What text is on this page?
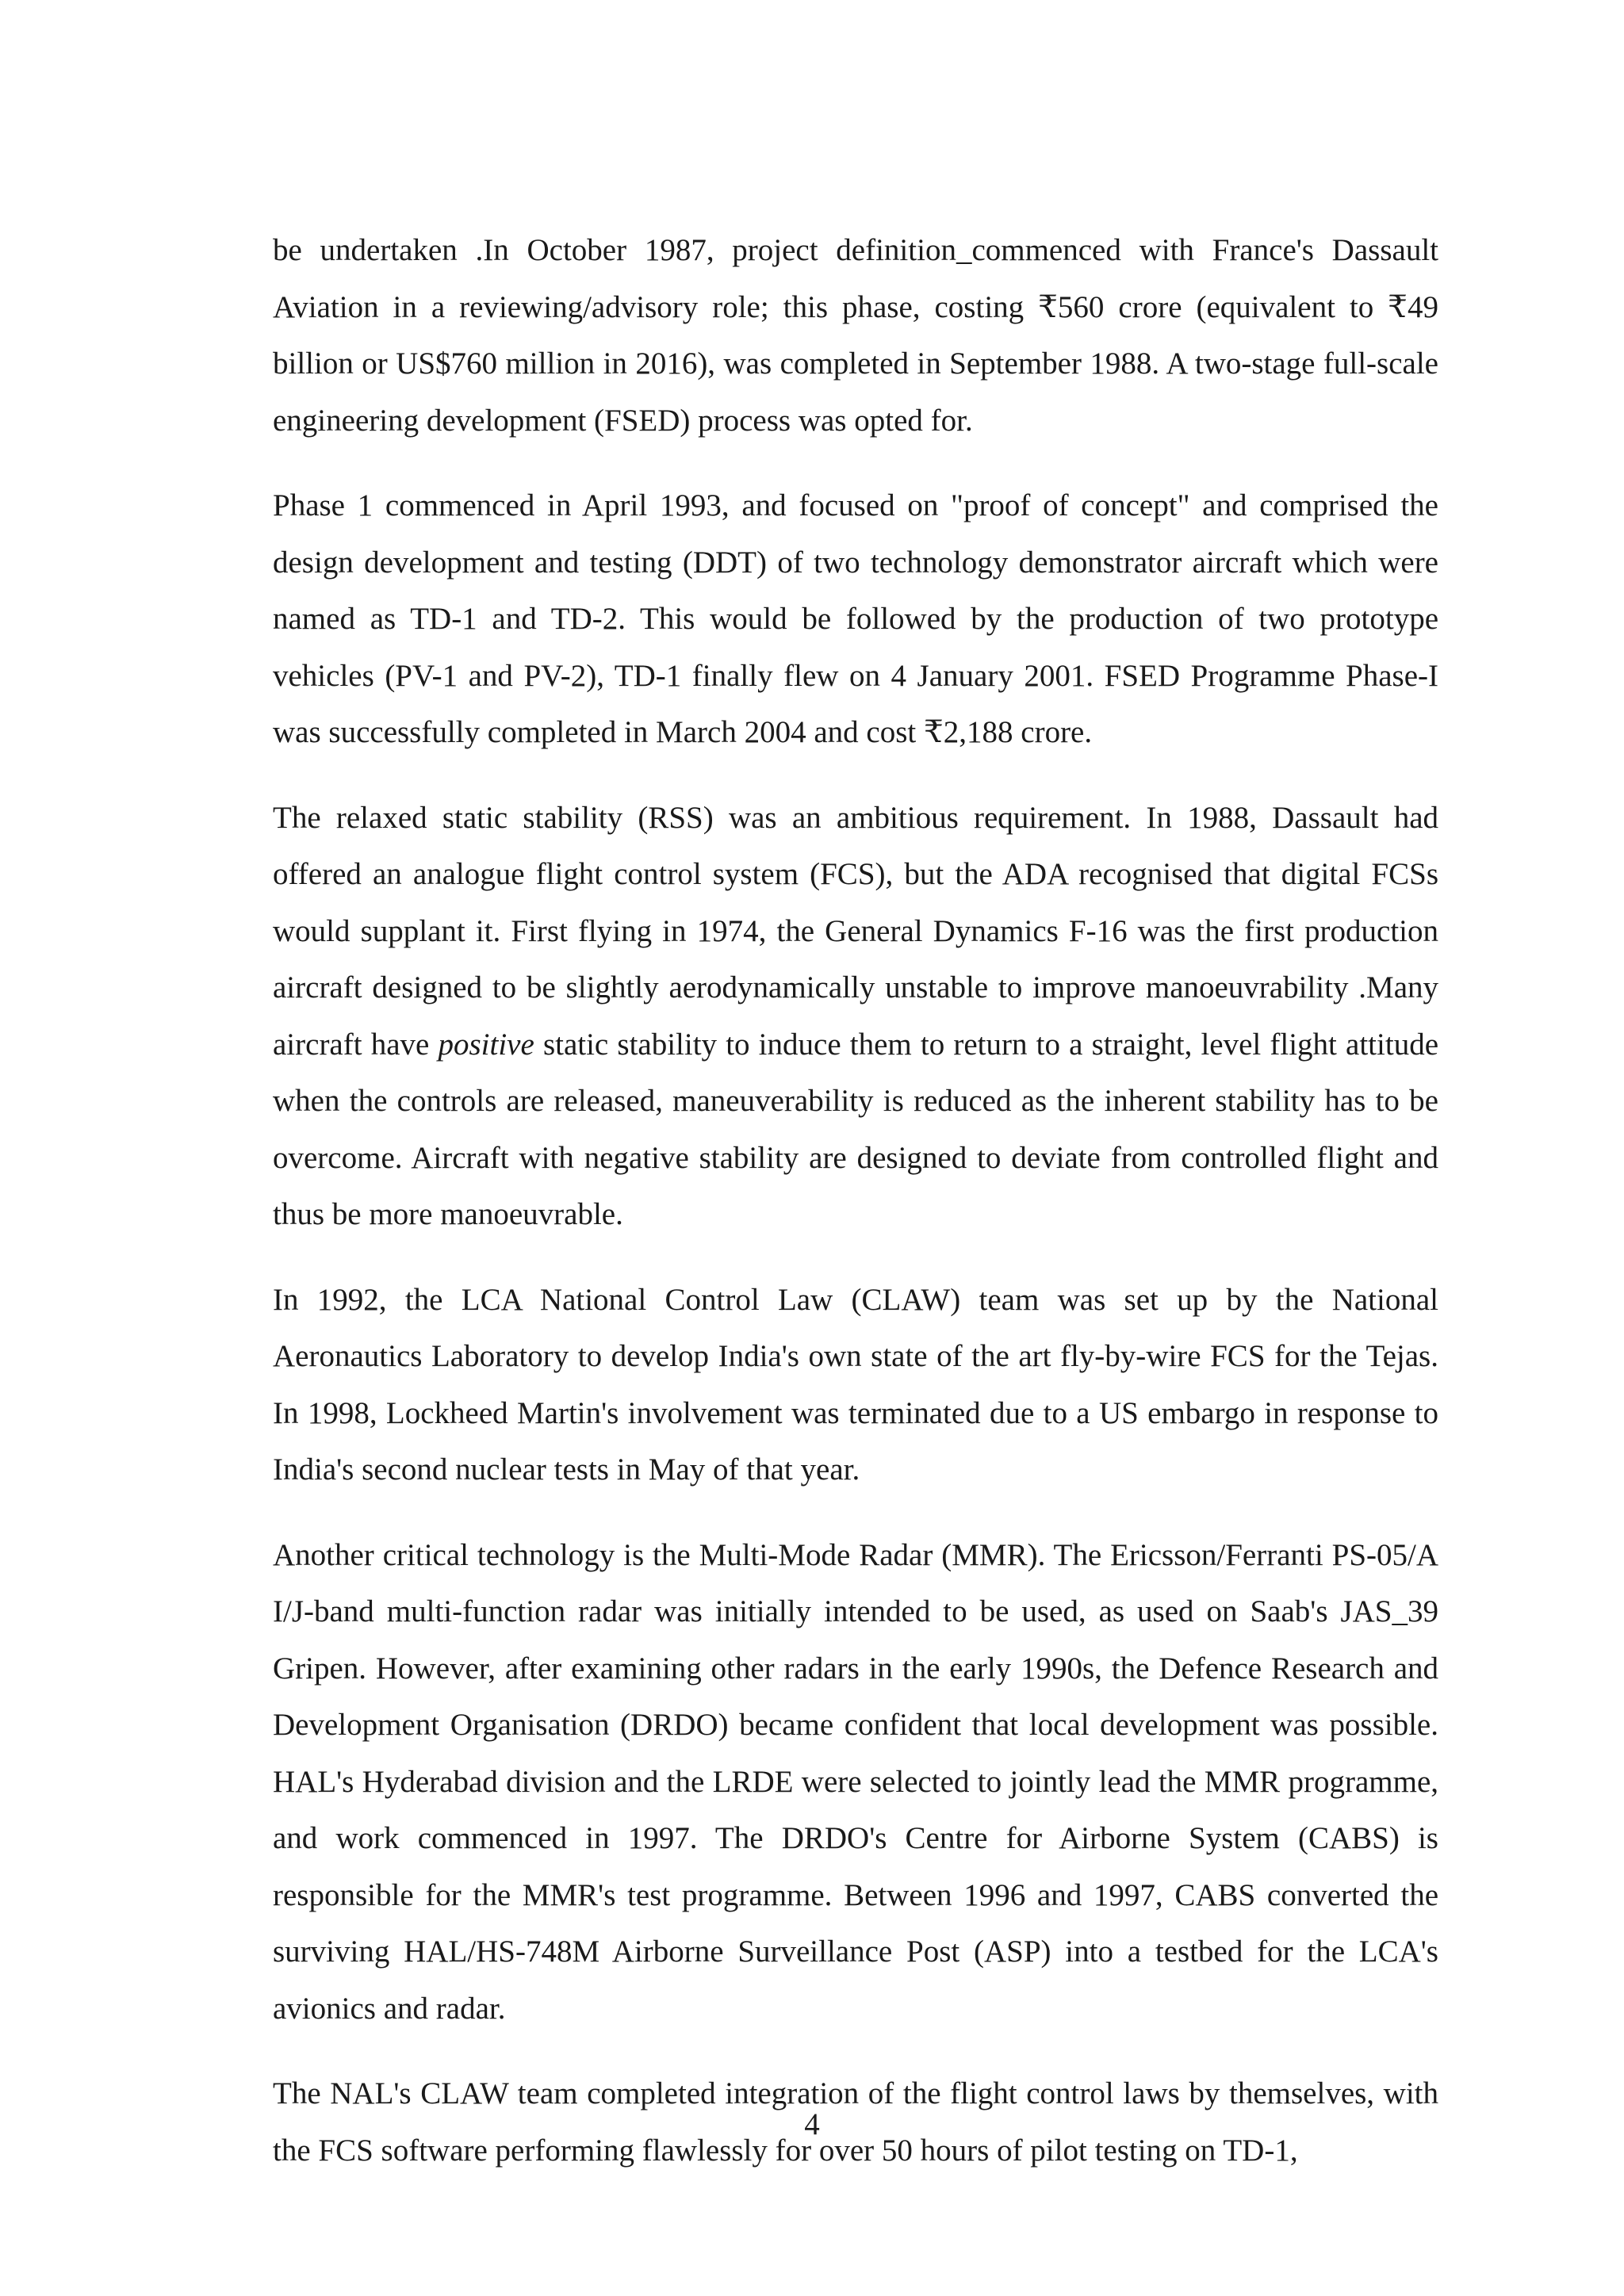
be undertaken .In October 1987, project definition_commenced with France's Dassault Aviation in a reviewing/advisory role; this phase, costing ₹560 crore (equivalent to ₹49 billion or US$760 million in 2016), was completed in September 1988. A two-stage full-scale engineering development (FSED) process was opted for.

Phase 1 commenced in April 1993, and focused on "proof of concept" and comprised the design development and testing (DDT) of two technology demonstrator aircraft which were named as TD-1 and TD-2. This would be followed by the production of two prototype vehicles (PV-1 and PV-2), TD-1 finally flew on 4 January 2001. FSED Programme Phase-I was successfully completed in March 2004 and cost ₹2,188 crore.

The relaxed static stability (RSS) was an ambitious requirement. In 1988, Dassault had offered an analogue flight control system (FCS), but the ADA recognised that digital FCSs would supplant it. First flying in 1974, the General Dynamics F-16 was the first production aircraft designed to be slightly aerodynamically unstable to improve manoeuvrability .Many aircraft have positive static stability to induce them to return to a straight, level flight attitude when the controls are released, maneuverability is reduced as the inherent stability has to be overcome. Aircraft with negative stability are designed to deviate from controlled flight and thus be more manoeuvrable.

In 1992, the LCA National Control Law (CLAW) team was set up by the National Aeronautics Laboratory to develop India's own state of the art fly-by-wire FCS for the Tejas. In 1998, Lockheed Martin's involvement was terminated due to a US embargo in response to India's second nuclear tests in May of that year.

Another critical technology is the Multi-Mode Radar (MMR). The Ericsson/Ferranti PS-05/A I/J-band multi-function radar was initially intended to be used, as used on Saab's JAS_39 Gripen. However, after examining other radars in the early 1990s, the Defence Research and Development Organisation (DRDO) became confident that local development was possible. HAL's Hyderabad division and the LRDE were selected to jointly lead the MMR programme, and work commenced in 1997. The DRDO's Centre for Airborne System (CABS) is responsible for the MMR's test programme. Between 1996 and 1997, CABS converted the surviving HAL/HS-748M Airborne Surveillance Post (ASP) into a testbed for the LCA's avionics and radar.

The NAL's CLAW team completed integration of the flight control laws by themselves, with the FCS software performing flawlessly for over 50 hours of pilot testing on TD-1,

4
